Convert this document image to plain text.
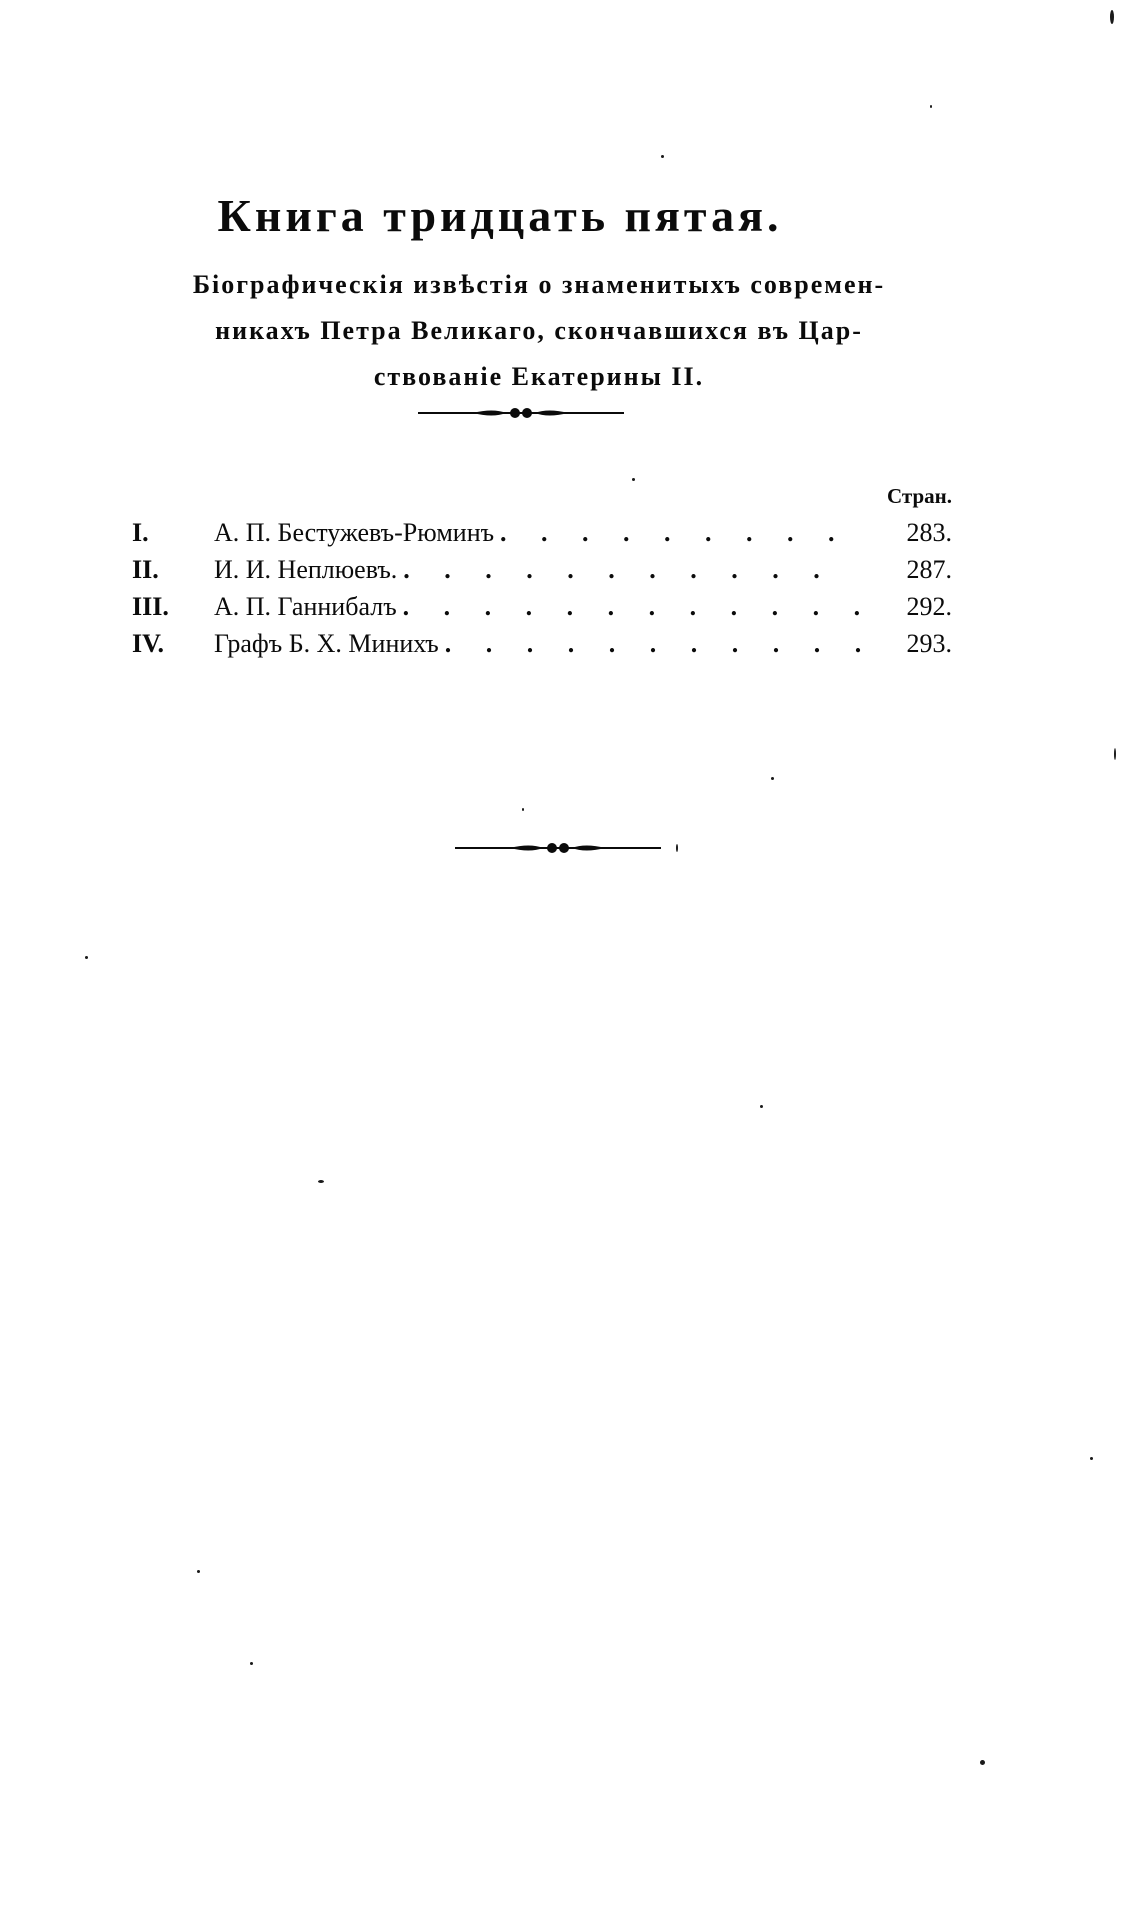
Книга тридцать пятая.
Біографическія извѣстія о знаменитыхъ современ-
никахъ Петра Великаго, скончавшихся въ Цар-
ствованіе Екатерины II.
Стран.
I.	А. П. Бестужевъ-Рюминъ . . . . . . . . .	283.
II.	И. И. Неплюевъ. . . . . . . . . . . .	287.
III.	А. П. Ганнибалъ . . . . . . . . . . . .	292.
IV.	Графъ Б. Х. Минихъ . . . . . . . . . . .	293.
